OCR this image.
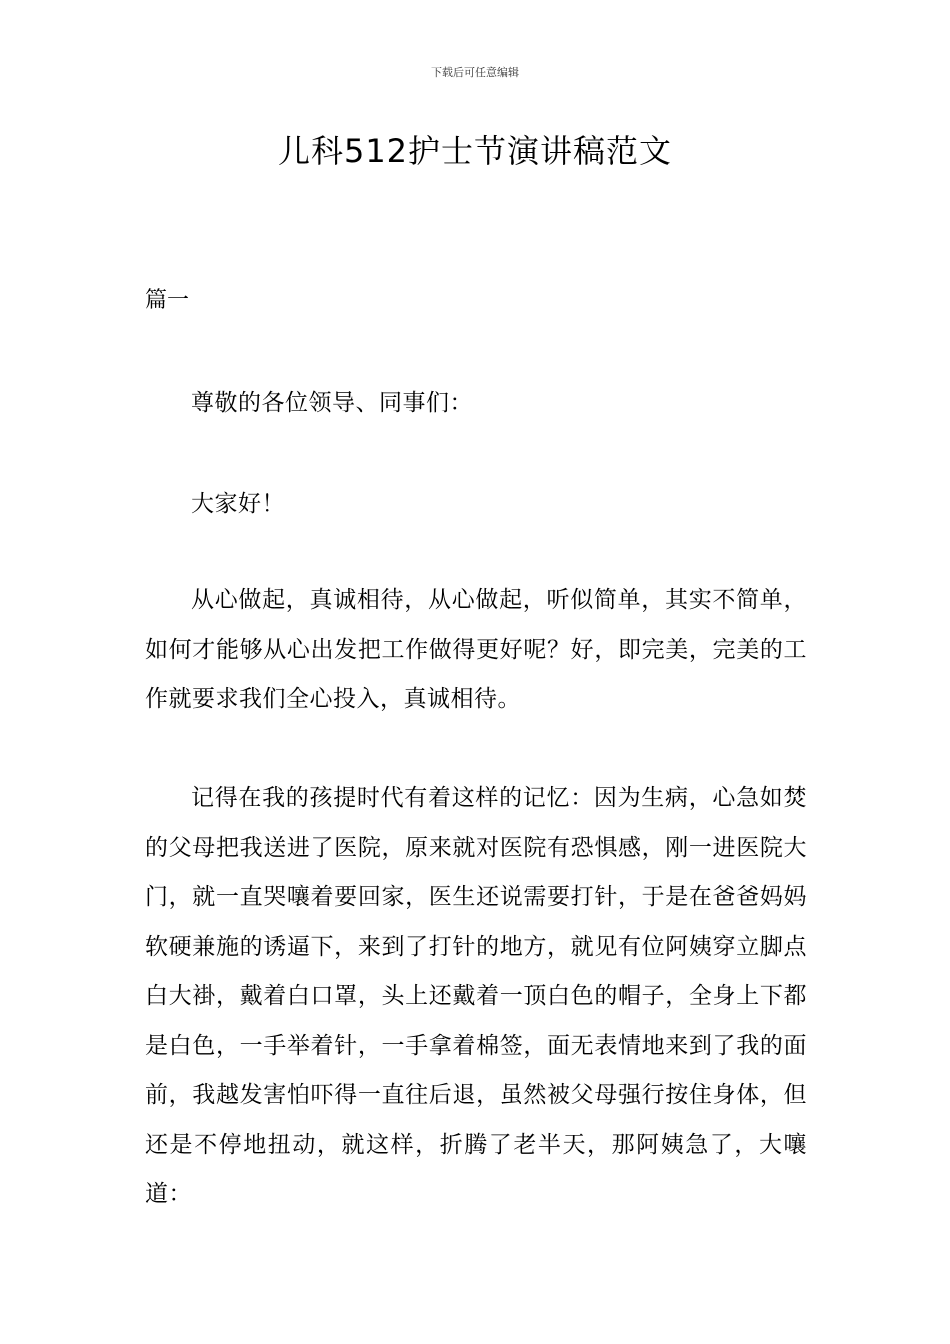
下载后可任意编辑
儿科512护士节演讲稿范文
篇一

尊敬的各位领导、同事们：

大家好！

从心做起，真诚相待，从心做起，听似简单，其实不简单，如何才能够从心出发把工作做得更好呢？好，即完美，完美的工作就要求我们全心投入，真诚相待。

记得在我的孩提时代有着这样的记忆：因为生病，心急如焚的父母把我送进了医院，原来就对医院有恐惧感，刚一进医院大门，就一直哭嚷着要回家，医生还说需要打针，于是在爸爸妈妈软硬兼施的诱逼下，来到了打针的地方，就见有位阿姨穿立脚点白大褂，戴着白口罩，头上还戴着一顶白色的帽子，全身上下都是白色，一手举着针，一手拿着棉签，面无表情地来到了我的面前，我越发害怕吓得一直往后退，虽然被父母强行按住身体，但还是不停地扭动，就这样，折腾了老半天，那阿姨急了，大嚷道：
